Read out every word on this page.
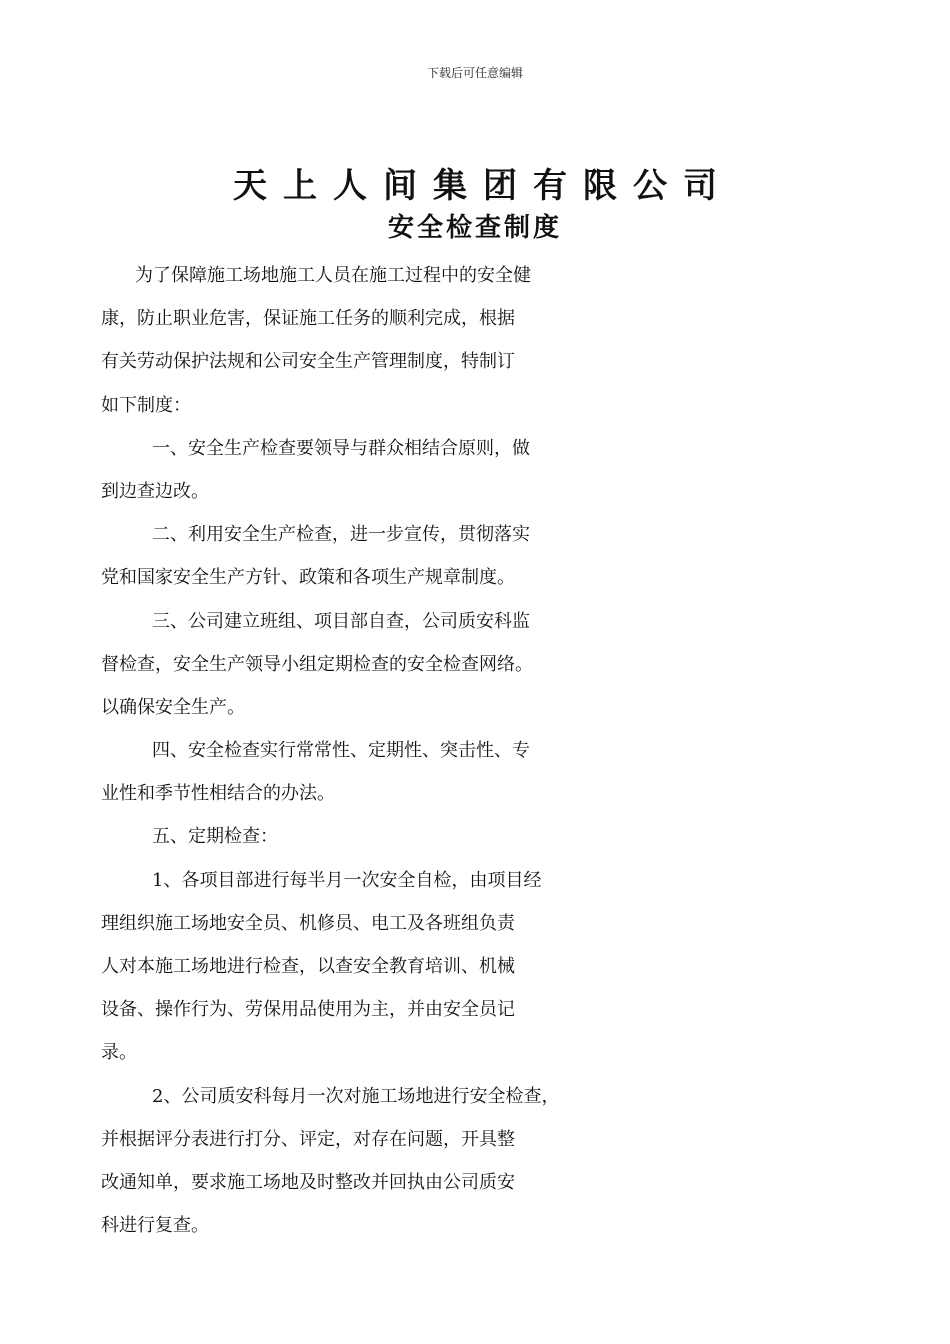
下载后可任意编辑
天上人间集团有限公司
安全检查制度
为了保障施工场地施工人员在施工过程中的安全健
康，防止职业危害，保证施工任务的顺利完成，根据
有关劳动保护法规和公司安全生产管理制度，特制订
如下制度：
一、安全生产检查要领导与群众相结合原则，做
到边查边改。
二、利用安全生产检查，进一步宣传，贯彻落实
党和国家安全生产方针、政策和各项生产规章制度。
三、公司建立班组、项目部自查，公司质安科监
督检查，安全生产领导小组定期检查的安全检查网络。
以确保安全生产。
四、安全检查实行常常性、定期性、突击性、专
业性和季节性相结合的办法。
五、定期检查：
1、各项目部进行每半月一次安全自检，由项目经
理组织施工场地安全员、机修员、电工及各班组负责
人对本施工场地进行检查，以查安全教育培训、机械
设备、操作行为、劳保用品使用为主，并由安全员记
录。
2、公司质安科每月一次对施工场地进行安全检查，
并根据评分表进行打分、评定，对存在问题，开具整
改通知单，要求施工场地及时整改并回执由公司质安
科进行复查。
